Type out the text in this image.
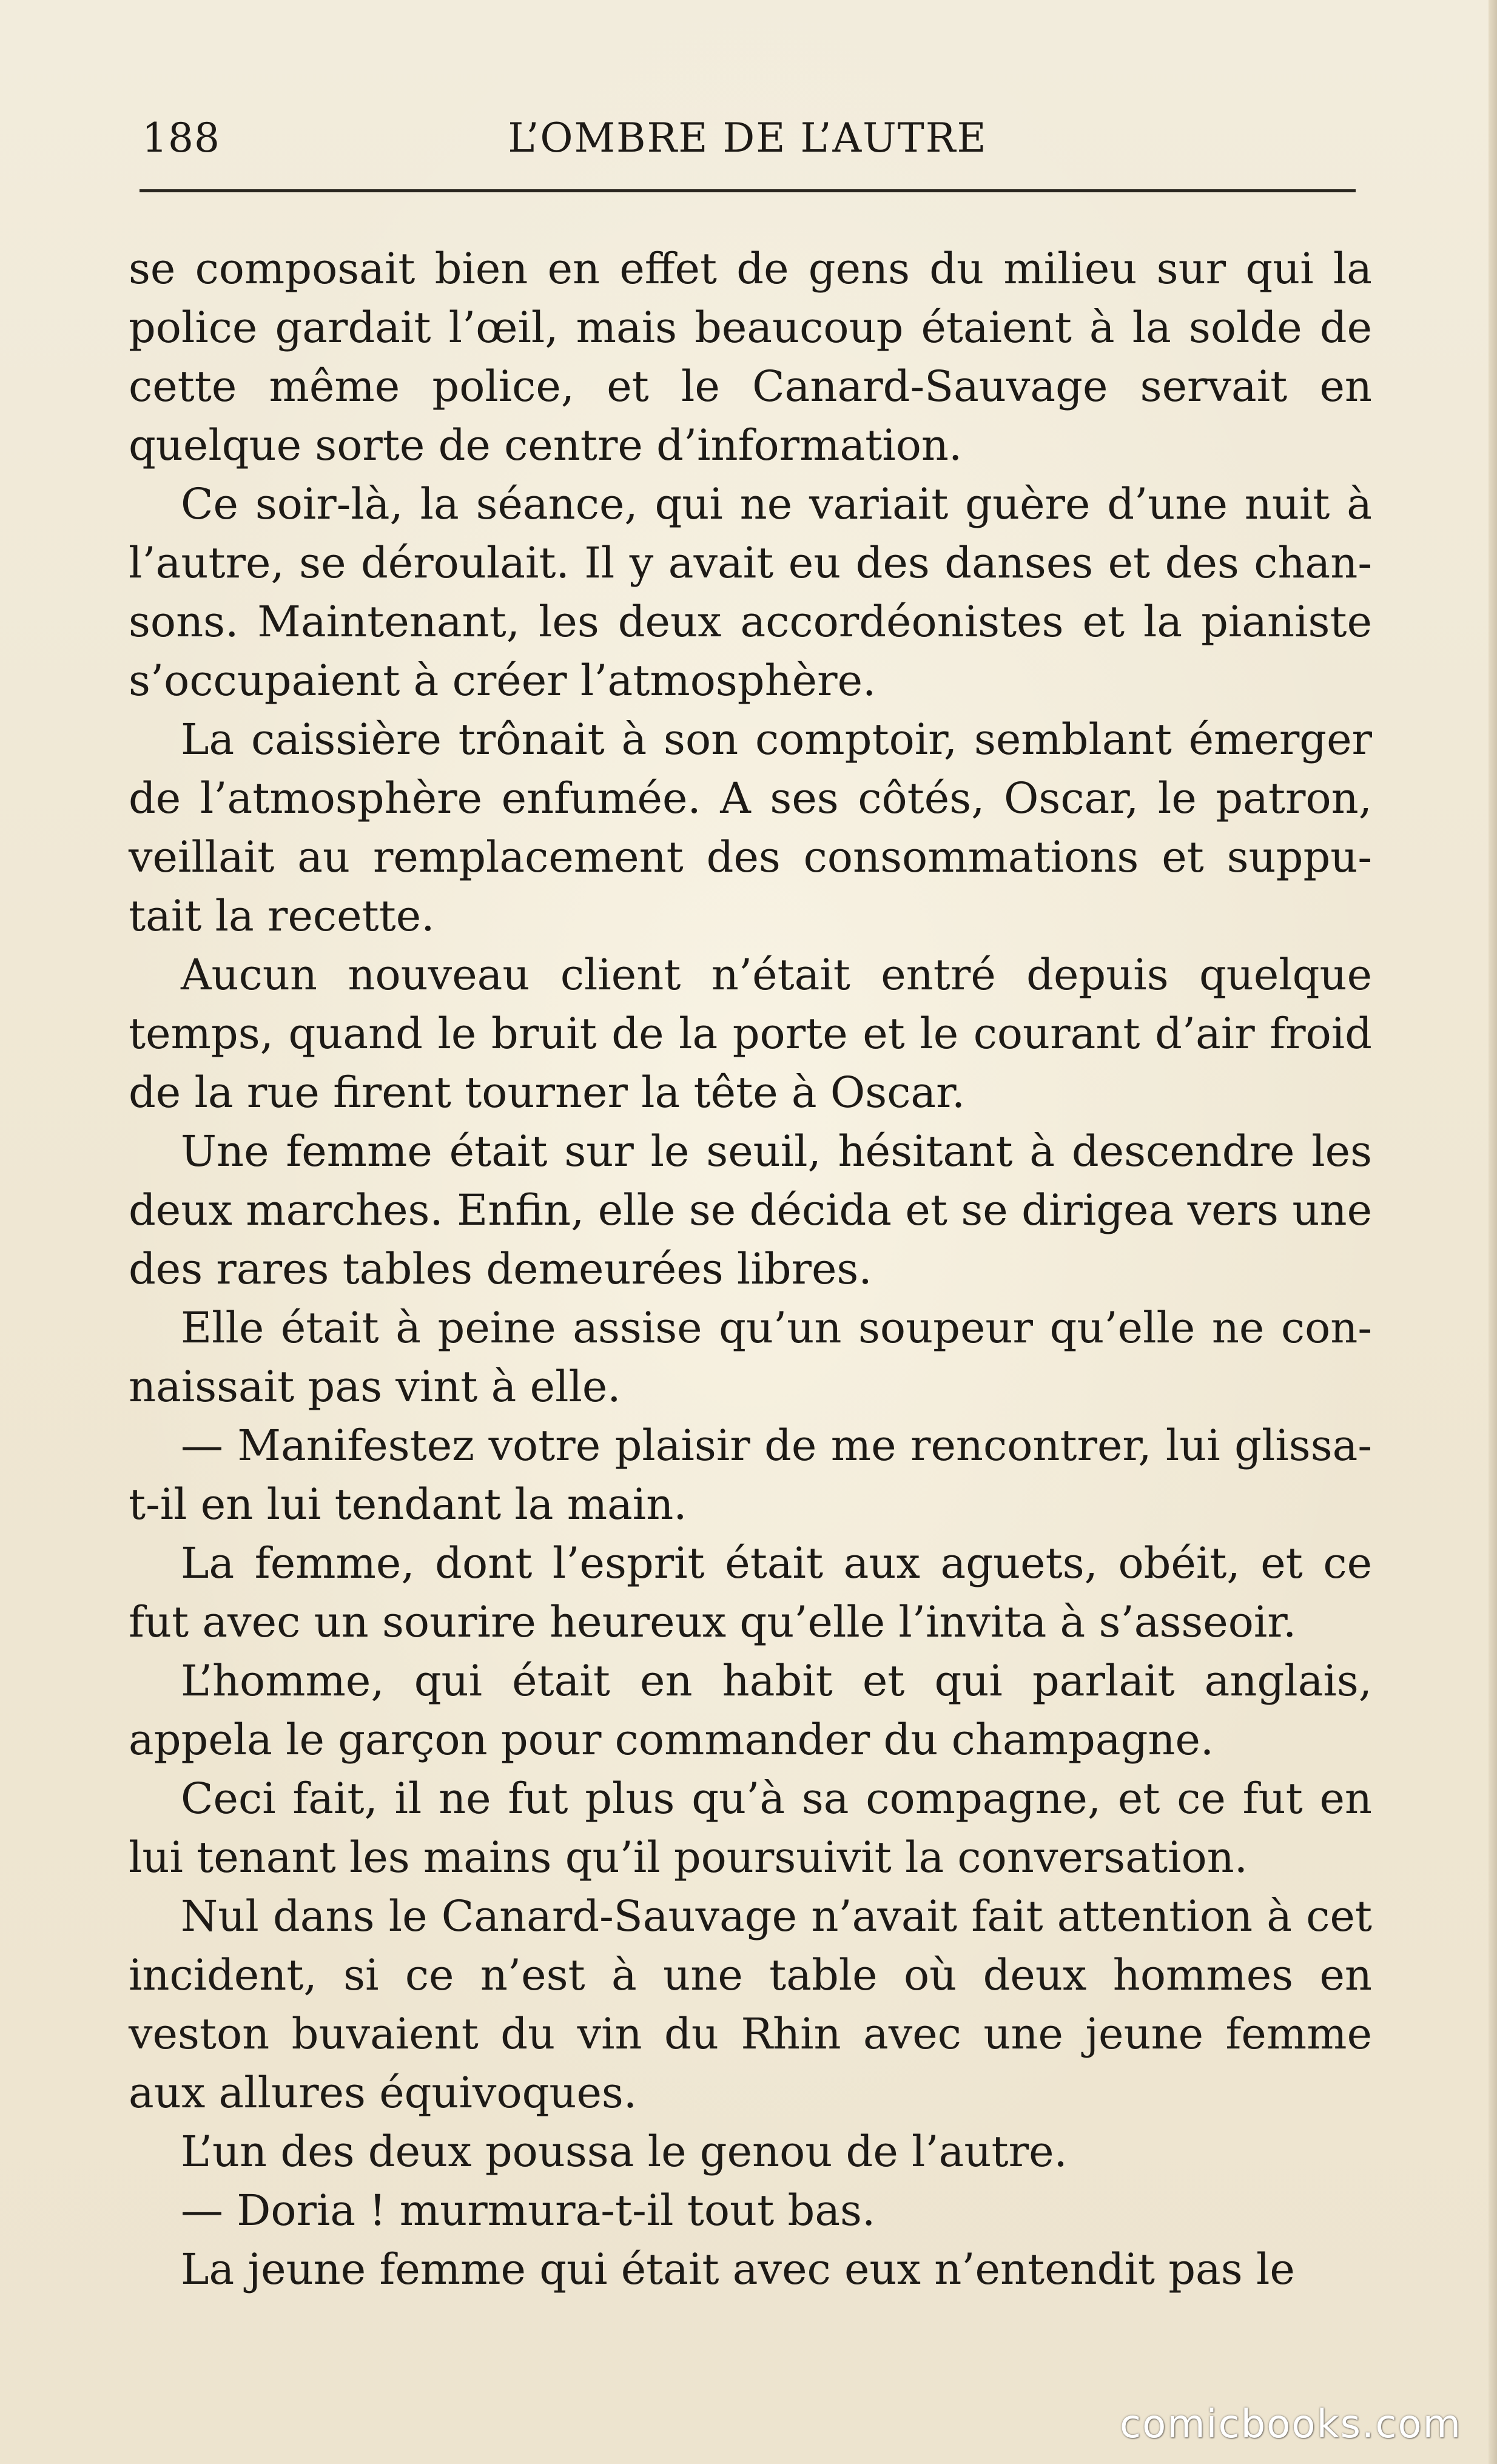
188	L’OMBRE DE L’AUTRE

se composait bien en effet de gens du milieu sur qui la police gardait l’œil, mais beaucoup étaient à la solde de cette même police, et le Canard-Sauvage servait en quelque sorte de centre d’information.

Ce soir-là, la séance, qui ne variait guère d’une nuit à l’autre, se déroulait. Il y avait eu des danses et des chan-sons. Maintenant, les deux accordéonistes et la pianiste s’occupaient à créer l’atmosphère.

La caissière trônait à son comptoir, semblant émerger de l’atmosphère enfumée. A ses côtés, Oscar, le patron, veillait au remplacement des consommations et suppu-tait la recette.

Aucun nouveau client n’était entré depuis quelque temps, quand le bruit de la porte et le courant d’air froid de la rue firent tourner la tête à Oscar.

Une femme était sur le seuil, hésitant à descendre les deux marches. Enfin, elle se décida et se dirigea vers une des rares tables demeurées libres.

Elle était à peine assise qu’un soupeur qu’elle ne con-naissait pas vint à elle.

— Manifestez votre plaisir de me rencontrer, lui glissa-t-il en lui tendant la main.

La femme, dont l’esprit était aux aguets, obéit, et ce fut avec un sourire heureux qu’elle l’invita à s’asseoir.

L’homme, qui était en habit et qui parlait anglais, appela le garçon pour commander du champagne.

Ceci fait, il ne fut plus qu’à sa compagne, et ce fut en lui tenant les mains qu’il poursuivit la conversation.

Nul dans le Canard-Sauvage n’avait fait attention à cet incident, si ce n’est à une table où deux hommes en veston buvaient du vin du Rhin avec une jeune femme aux allures équivoques.

L’un des deux poussa le genou de l’autre.

— Doria ! murmura-t-il tout bas.

La jeune femme qui était avec eux n’entendit pas le

comicbooks.com
